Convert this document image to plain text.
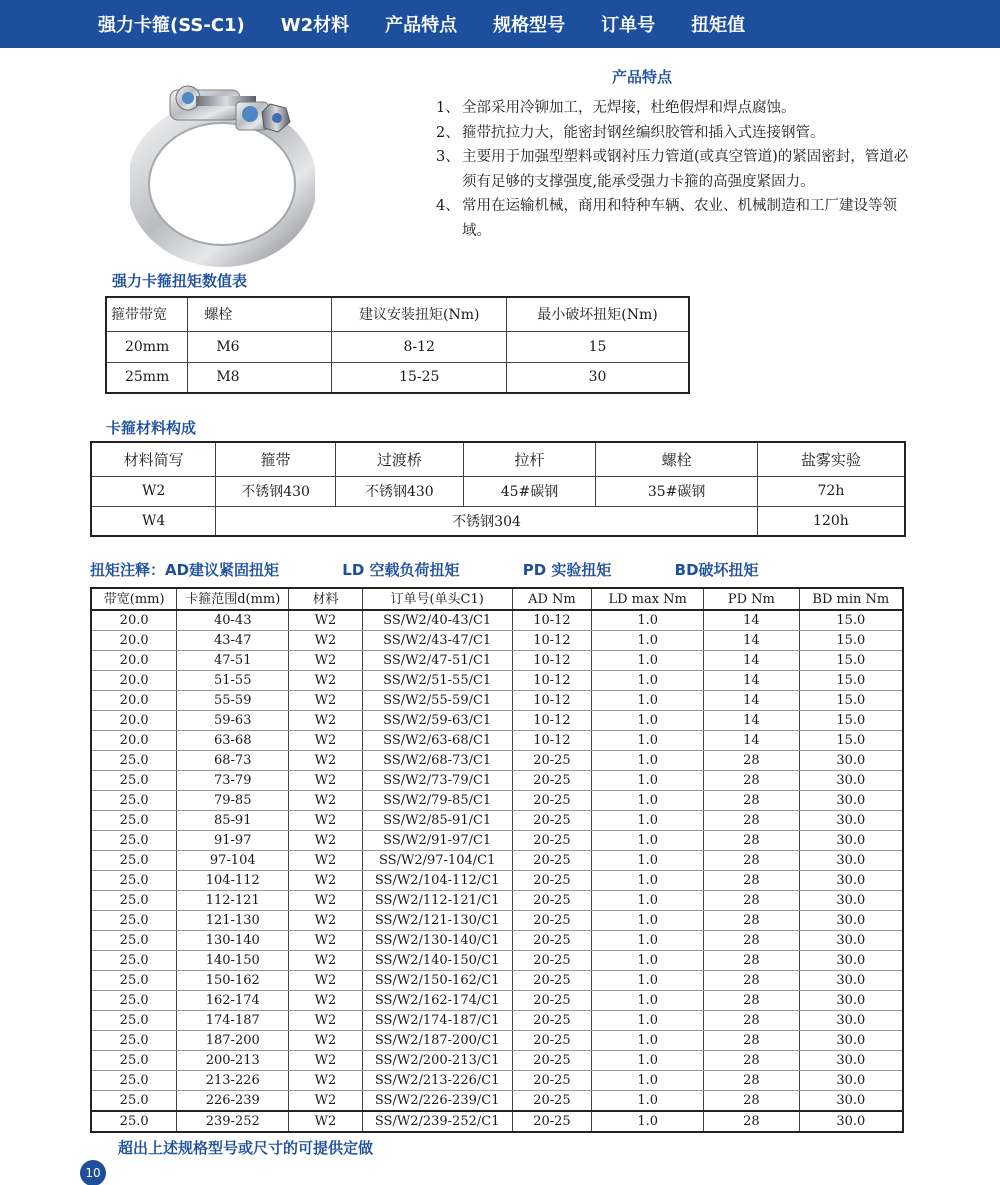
强力卡箍(SS-C1) W2材料 产品特点 规格型号 订单号 扭矩值
产品特点
1、 全部采用冷铆加工，无焊接，杜绝假焊和焊点腐蚀。
2、 箍带抗拉力大，能密封钢丝编织胶管和插入式连接钢管。
3、 主要用于加强型塑料或钢衬压力管道(或真空管道)的紧固密封，管道必须有足够的支撑强度,能承受强力卡箍的高强度紧固力。
4、 常用在运输机械，商用和特种车辆、农业、机械制造和工厂建设等领域。
强力卡箍扭矩数值表
箍带带宽	螺栓	建议安装扭矩(Nm)	最小破坏扭矩(Nm)
20mm	M6	8-12	15
25mm	M8	15-25	30
卡箍材料构成
材料简写	箍带	过渡桥	拉杆	螺栓	盐雾实验
W2	不锈钢430	不锈钢430	45#碳钢	35#碳钢	72h
W4	不锈钢304				120h
扭矩注释：AD建议紧固扭矩	LD 空载负荷扭矩	PD 实验扭矩	BD破坏扭矩
带宽(mm)	卡箍范围d(mm)	材料	订单号(单头C1)	AD Nm	LD max Nm	PD Nm	BD min Nm
20.0	40-43	W2	SS/W2/40-43/C1	10-12	1.0	14	15.0
20.0	43-47	W2	SS/W2/43-47/C1	10-12	1.0	14	15.0
20.0	47-51	W2	SS/W2/47-51/C1	10-12	1.0	14	15.0
20.0	51-55	W2	SS/W2/51-55/C1	10-12	1.0	14	15.0
20.0	55-59	W2	SS/W2/55-59/C1	10-12	1.0	14	15.0
20.0	59-63	W2	SS/W2/59-63/C1	10-12	1.0	14	15.0
20.0	63-68	W2	SS/W2/63-68/C1	10-12	1.0	14	15.0
25.0	68-73	W2	SS/W2/68-73/C1	20-25	1.0	28	30.0
25.0	73-79	W2	SS/W2/73-79/C1	20-25	1.0	28	30.0
25.0	79-85	W2	SS/W2/79-85/C1	20-25	1.0	28	30.0
25.0	85-91	W2	SS/W2/85-91/C1	20-25	1.0	28	30.0
25.0	91-97	W2	SS/W2/91-97/C1	20-25	1.0	28	30.0
25.0	97-104	W2	SS/W2/97-104/C1	20-25	1.0	28	30.0
25.0	104-112	W2	SS/W2/104-112/C1	20-25	1.0	28	30.0
25.0	112-121	W2	SS/W2/112-121/C1	20-25	1.0	28	30.0
25.0	121-130	W2	SS/W2/121-130/C1	20-25	1.0	28	30.0
25.0	130-140	W2	SS/W2/130-140/C1	20-25	1.0	28	30.0
25.0	140-150	W2	SS/W2/140-150/C1	20-25	1.0	28	30.0
25.0	150-162	W2	SS/W2/150-162/C1	20-25	1.0	28	30.0
25.0	162-174	W2	SS/W2/162-174/C1	20-25	1.0	28	30.0
25.0	174-187	W2	SS/W2/174-187/C1	20-25	1.0	28	30.0
25.0	187-200	W2	SS/W2/187-200/C1	20-25	1.0	28	30.0
25.0	200-213	W2	SS/W2/200-213/C1	20-25	1.0	28	30.0
25.0	213-226	W2	SS/W2/213-226/C1	20-25	1.0	28	30.0
25.0	226-239	W2	SS/W2/226-239/C1	20-25	1.0	28	30.0
25.0	239-252	W2	SS/W2/239-252/C1	20-25	1.0	28	30.0
超出上述规格型号或尺寸的可提供定做
10
